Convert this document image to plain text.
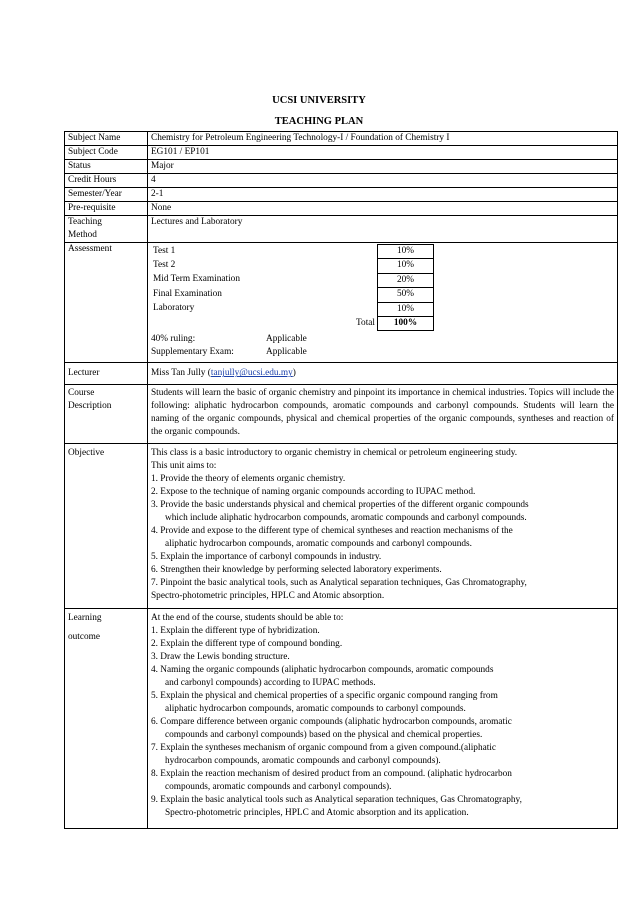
UCSI UNIVERSITY
TEACHING PLAN
Subject Name	Chemistry for Petroleum Engineering Technology-I / Foundation of Chemistry I
Subject Code	EG101 / EP101
Status	Major
Credit Hours	4
Semester/Year	2-1
Pre-requisite	None

Teaching
Method
	Lectures and Laboratory
Assessment		Test 1	10%
Test 2	10%
Mid Term Examination	20%
Final Examination	50%
Laboratory	10%
Total	100%
40% ruling:	Applicable
Supplementary Exam:	Applicable

Lecturer	Miss Tan Jully (tanjully@ucsi.edu.my)

Course
Description
	Students will learn the basic of organic chemistry and pinpoint its importance in chemical industries. Topics will include the following: aliphatic hydrocarbon compounds, aromatic compounds and carbonyl compounds. Students will learn the naming of the organic compounds, physical and chemical properties of the organic compounds, syntheses and reaction of the organic compounds.
Objective	This class is a basic introductory to organic chemistry in chemical or petroleum engineering study.
This unit aims to:
1. Provide the theory of elements organic chemistry.
2. Expose to the technique of naming organic compounds according to IUPAC method.
3. Provide the basic understands physical and chemical properties of the different organic compounds
which include aliphatic hydrocarbon compounds, aromatic compounds and carbonyl compounds.
4. Provide and expose to the different type of chemical syntheses and reaction mechanisms of the
aliphatic hydrocarbon compounds, aromatic compounds and carbonyl compounds.
5. Explain the importance of carbonyl compounds in industry.
6. Strengthen their knowledge by performing selected laboratory experiments.
7. Pinpoint the basic analytical tools, such as Analytical separation techniques, Gas Chromatography,
Spectro-photometric principles, HPLC and Atomic absorption.

Learning
outcome

At the end of the course, students should be able to:
1. Explain the different type of hybridization.
2. Explain the different type of compound bonding.
3. Draw the Lewis bonding structure.
4. Naming the organic compounds (aliphatic hydrocarbon compounds, aromatic compounds
and carbonyl compounds) according to IUPAC methods.
5. Explain the physical and chemical properties of a specific organic compound ranging from
aliphatic hydrocarbon compounds, aromatic compounds to carbonyl compounds.
6. Compare difference between organic compounds (aliphatic hydrocarbon compounds, aromatic
compounds and carbonyl compounds) based on the physical and chemical properties.
7. Explain the syntheses mechanism of organic compound from a given compound.(aliphatic
hydrocarbon compounds, aromatic compounds and carbonyl compounds).
8. Explain the reaction mechanism of desired product from an compound. (aliphatic hydrocarbon
compounds, aromatic compounds and carbonyl compounds).
9. Explain the basic analytical tools such as Analytical separation techniques, Gas Chromatography,
Spectro-photometric principles, HPLC and Atomic absorption and its application.
